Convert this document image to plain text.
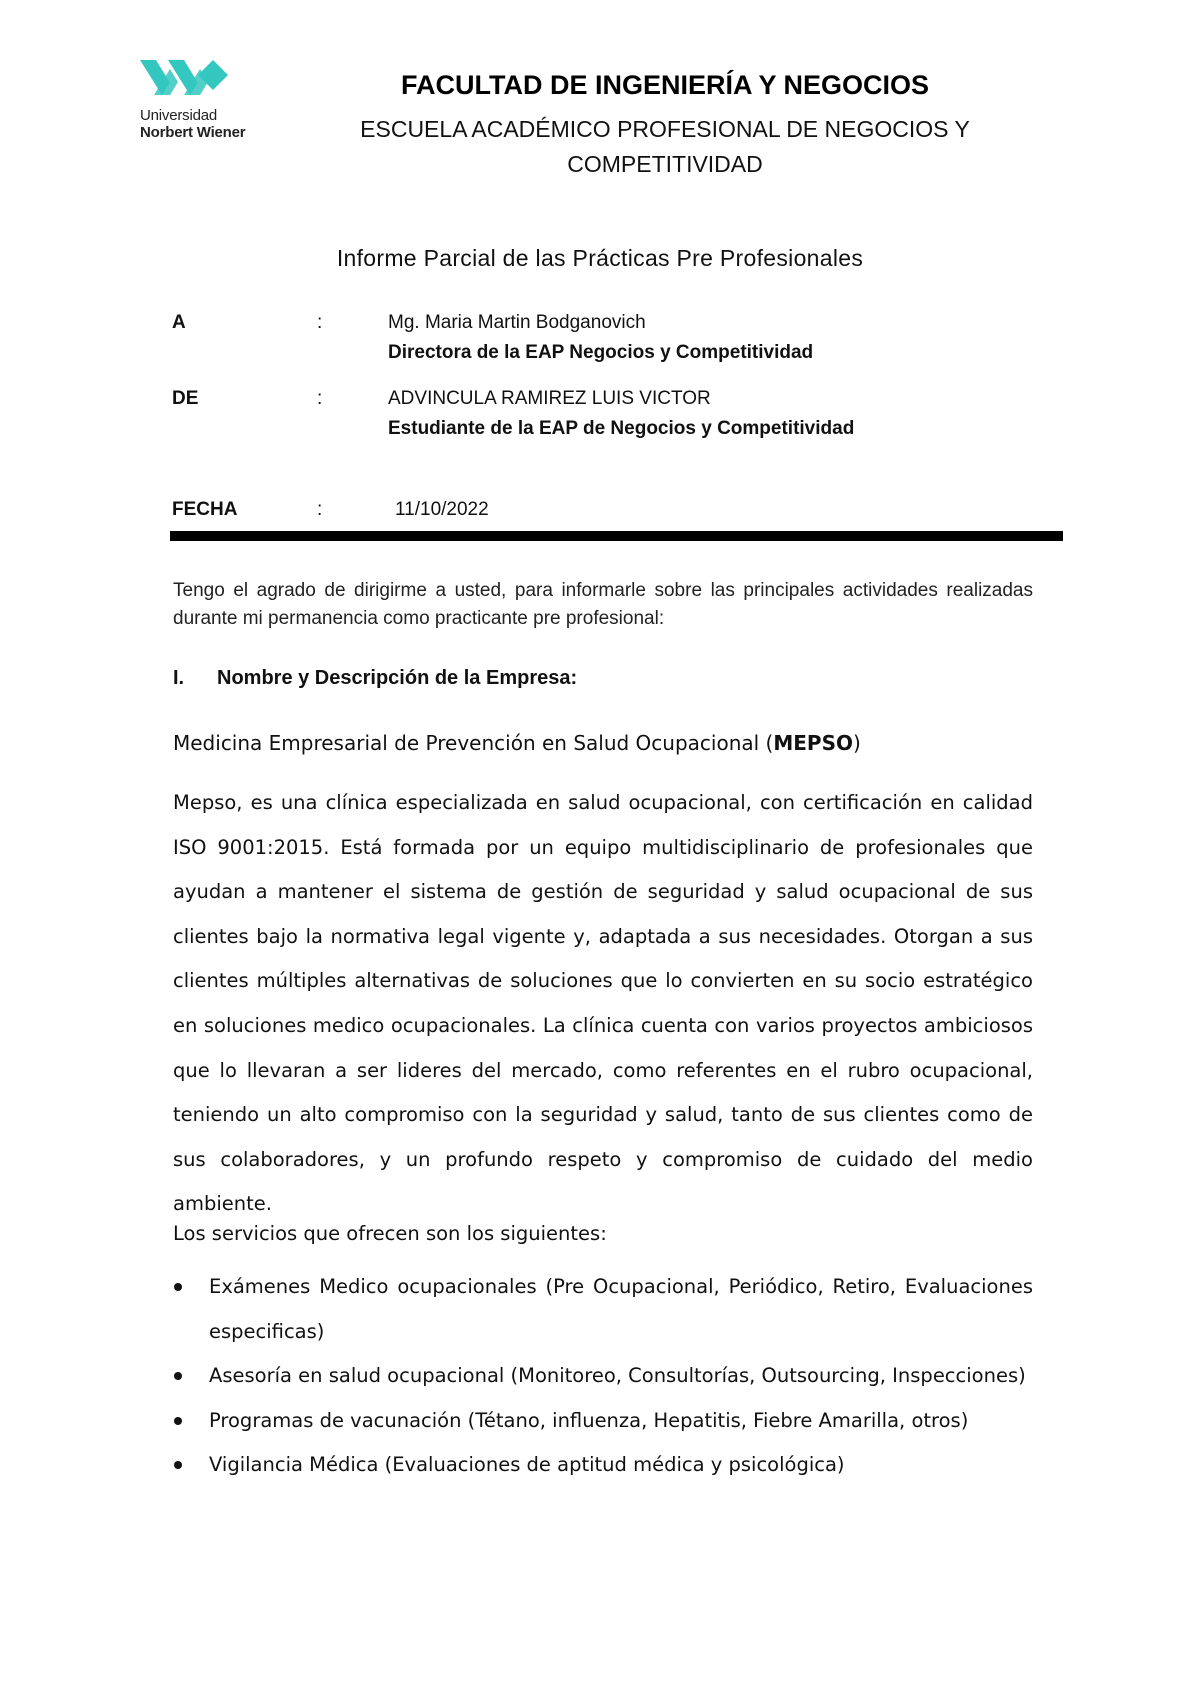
Universidad
Norbert Wiener
FACULTAD DE INGENIERÍA Y NEGOCIOS
ESCUELA ACADÉMICO PROFESIONAL DE NEGOCIOS Y
COMPETITIVIDAD
Informe Parcial de las Prácticas Pre Profesionales
A	:	Mg. Maria Martin Bodganovich
Directora de la EAP Negocios y Competitividad
DE	:	ADVINCULA RAMIREZ LUIS VICTOR
Estudiante de la EAP de Negocios y Competitividad
FECHA	:	11/10/2022
Tengo el agrado de dirigirme a usted, para informarle sobre las principales actividades realizadas durante mi permanencia como practicante pre profesional:
I. Nombre y Descripción de la Empresa:
Medicina Empresarial de Prevención en Salud Ocupacional (MEPSO)
Mepso, es una clínica especializada en salud ocupacional, con certificación en calidad ISO 9001:2015. Está formada por un equipo multidisciplinario de profesionales que ayudan a mantener el sistema de gestión de seguridad y salud ocupacional de sus clientes bajo la normativa legal vigente y, adaptada a sus necesidades. Otorgan a sus clientes múltiples alternativas de soluciones que lo convierten en su socio estratégico en soluciones medico ocupacionales. La clínica cuenta con varios proyectos ambiciosos que lo llevaran a ser lideres del mercado, como referentes en el rubro ocupacional, teniendo un alto compromiso con la seguridad y salud, tanto de sus clientes como de sus colaboradores, y un profundo respeto y compromiso de cuidado del medio ambiente.
Los servicios que ofrecen son los siguientes:
Exámenes Medico ocupacionales (Pre Ocupacional, Periódico, Retiro, Evaluaciones especificas)
Asesoría en salud ocupacional (Monitoreo, Consultorías, Outsourcing, Inspecciones)
Programas de vacunación (Tétano, influenza, Hepatitis, Fiebre Amarilla, otros)
Vigilancia Médica (Evaluaciones de aptitud médica y psicológica)
